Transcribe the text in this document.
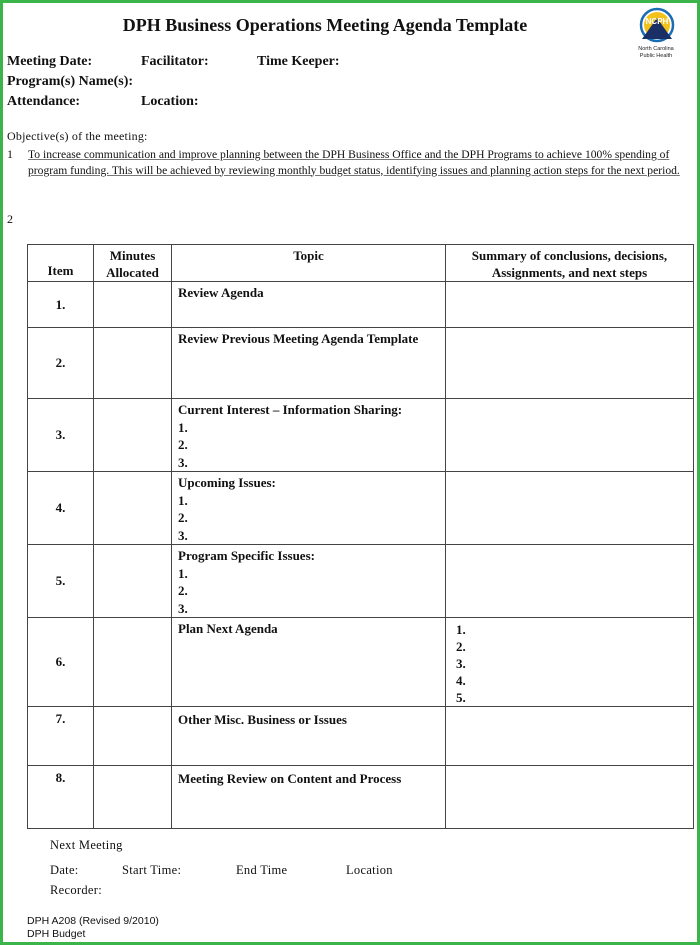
DPH Business Operations Meeting Agenda Template	NCPH
North Carolina
Public Health
Meeting Date:	Facilitator:	Time Keeper:
Program(s) Name(s):
Attendance:	Location:
Objective(s) of the meeting:
1 To increase communication and improve planning between the DPH Business Office and the DPH Programs to achieve 100% spending of program funding. This will be achieved by reviewing monthly budget status, identifying issues and planning action steps for the next period.
2
Item	Minutes Allocated	Topic	Summary of conclusions, decisions, Assignments, and next steps
1.		Review Agenda	

2.		Review Previous Meeting Agenda Template	

3.		Current Interest – Information Sharing:
1.
2.
3.	

4.		Upcoming Issues:
1.
2.
3.	

5.		Program Specific Issues:
1.
2.
3.	

6.		Plan Next Agenda	1.
2.
3.
4.
5.

7.		Other Misc. Business or Issues	

8.		Meeting Review on Content and Process	

Next Meeting
Date:	Start Time:	End Time	Location
Recorder:
DPH A208 (Revised 9/2010)
DPH Budget
